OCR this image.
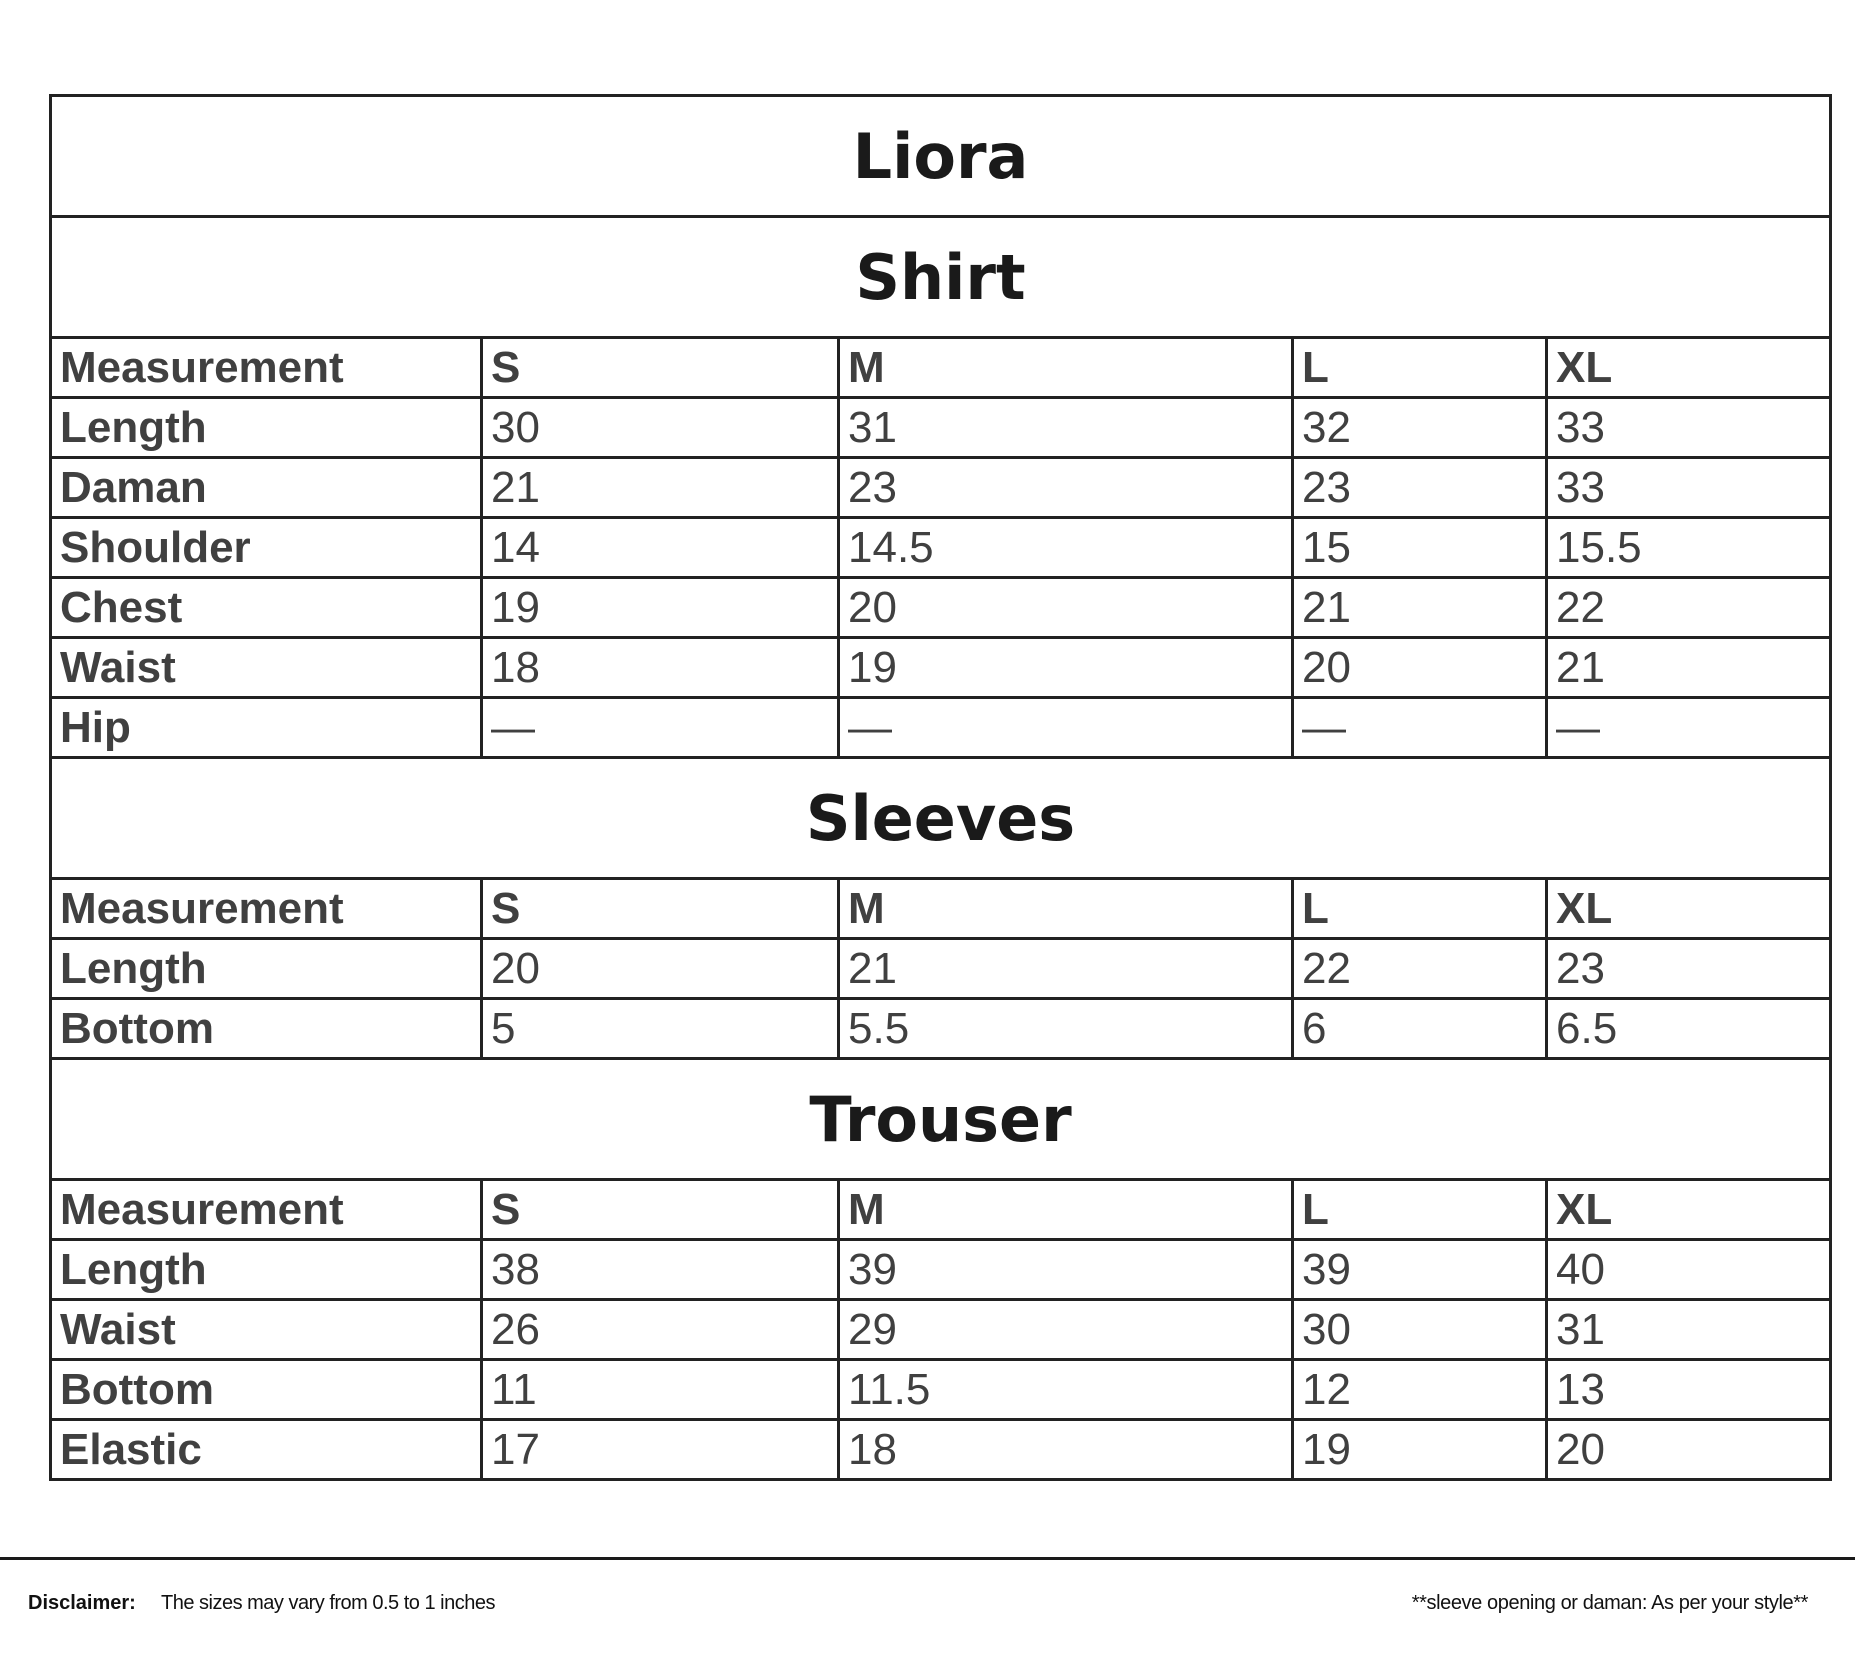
Liora				
Shirt				
Measurement	S	M	L	XL
Length	30	31	32	33
Daman	21	23	23	33
Shoulder	14	14.5	15	15.5
Chest	19	20	21	22
Waist	18	19	20	21
Hip	—	—	—	—
Sleeves				
Measurement	S	M	L	XL
Length	20	21	22	23
Bottom	5	5.5	6	6.5
Trouser				
Measurement	S	M	L	XL
Length	38	39	39	40
Waist	26	29	30	31
Bottom	11	11.5	12	13
Elastic	17	18	19	20
Disclaimer: The sizes may vary from 0.5 to 1 inches	**sleeve opening or daman: As per your style**
